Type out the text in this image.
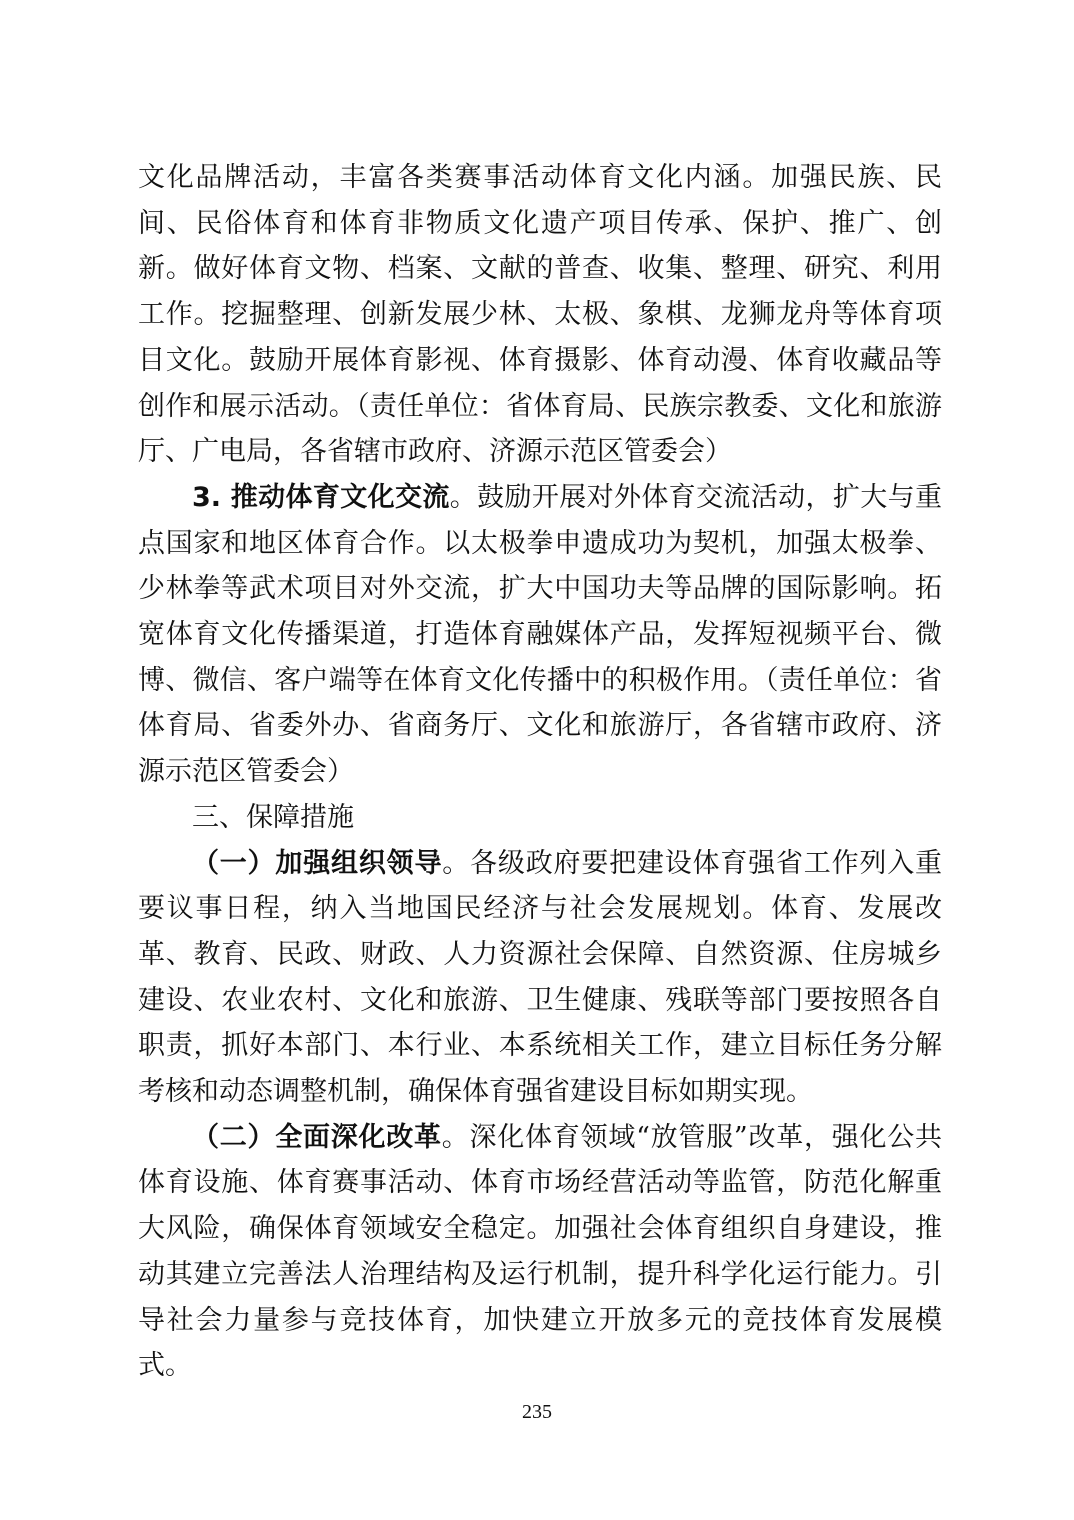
文化品牌活动，丰富各类赛事活动体育文化内涵。加强民族、民间、民俗体育和体育非物质文化遗产项目传承、保护、推广、创新。做好体育文物、档案、文献的普查、收集、整理、研究、利用工作。挖掘整理、创新发展少林、太极、象棋、龙狮龙舟等体育项目文化。鼓励开展体育影视、体育摄影、体育动漫、体育收藏品等创作和展示活动。（责任单位：省体育局、民族宗教委、文化和旅游厅、广电局，各省辖市政府、济源示范区管委会）

3. 推动体育文化交流。鼓励开展对外体育交流活动，扩大与重点国家和地区体育合作。以太极拳申遗成功为契机，加强太极拳、少林拳等武术项目对外交流，扩大中国功夫等品牌的国际影响。拓宽体育文化传播渠道，打造体育融媒体产品，发挥短视频平台、微博、微信、客户端等在体育文化传播中的积极作用。（责任单位：省体育局、省委外办、省商务厅、文化和旅游厅，各省辖市政府、济源示范区管委会）

三、保障措施

（一）加强组织领导。各级政府要把建设体育强省工作列入重要议事日程，纳入当地国民经济与社会发展规划。体育、发展改革、教育、民政、财政、人力资源社会保障、自然资源、住房城乡建设、农业农村、文化和旅游、卫生健康、残联等部门要按照各自职责，抓好本部门、本行业、本系统相关工作，建立目标任务分解考核和动态调整机制，确保体育强省建设目标如期实现。

（二）全面深化改革。深化体育领域“放管服”改革，强化公共体育设施、体育赛事活动、体育市场经营活动等监管，防范化解重大风险，确保体育领域安全稳定。加强社会体育组织自身建设，推动其建立完善法人治理结构及运行机制，提升科学化运行能力。引导社会力量参与竞技体育，加快建立开放多元的竞技体育发展模式。

235
